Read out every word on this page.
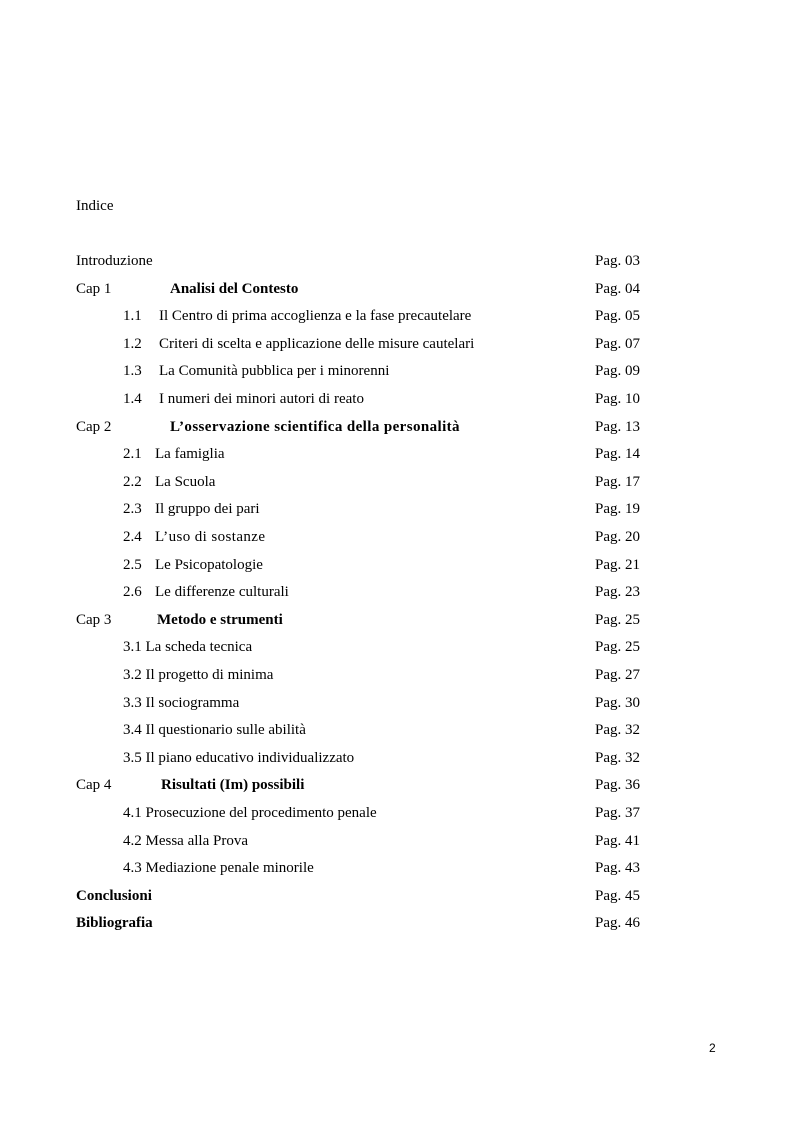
Indice
Introduzione	Pag. 03
Cap 1	Analisi del Contesto	Pag. 04
1.1 Il Centro di prima accoglienza e la fase precautelare	Pag. 05
1.2 Criteri di scelta e applicazione delle misure cautelari	Pag. 07
1.3 La Comunità pubblica per i minorenni	Pag. 09
1.4 I numeri dei minori autori di reato	Pag. 10
Cap 2	L’osservazione scientifica della personalità	Pag. 13
2.1 La famiglia	Pag. 14
2.2 La Scuola	Pag. 17
2.3 Il gruppo dei pari	Pag. 19
2.4 L’uso di sostanze	Pag. 20
2.5 Le Psicopatologie	Pag. 21
2.6 Le differenze culturali	Pag. 23
Cap 3	Metodo e strumenti	Pag. 25
3.1 La scheda tecnica	Pag. 25
3.2 Il progetto di minima	Pag. 27
3.3 Il sociogramma	Pag. 30
3.4 Il questionario sulle abilità	Pag. 32
3.5 Il piano educativo individualizzato	Pag. 32
Cap 4	Risultati (Im) possibili	Pag. 36
4.1 Prosecuzione del procedimento penale	Pag. 37
4.2 Messa alla Prova	Pag. 41
4.3 Mediazione penale minorile	Pag. 43
Conclusioni	Pag. 45
Bibliografia	Pag. 46
2
